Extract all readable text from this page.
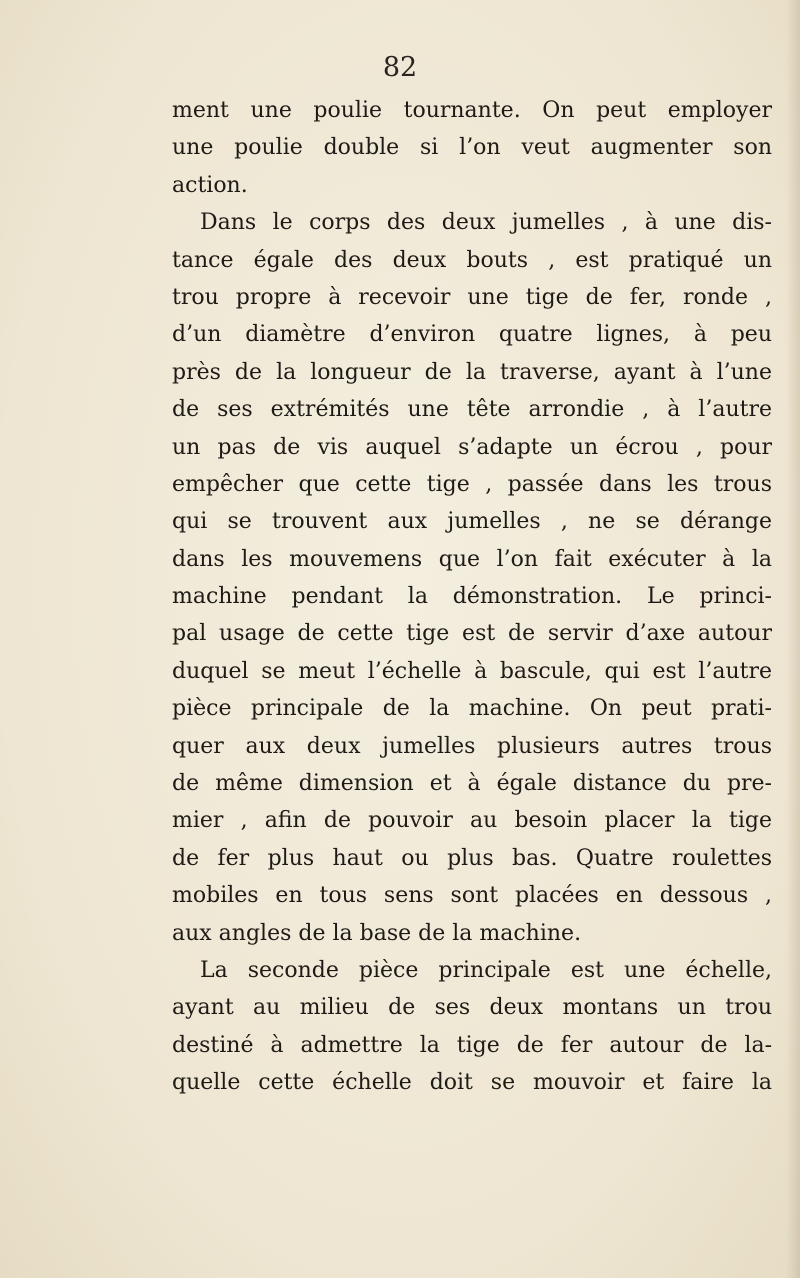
82
ment une poulie tournante. On peut employer
une poulie double si l’on veut augmenter son
action.
Dans le corps des deux jumelles , à une dis-
tance égale des deux bouts , est pratiqué un
trou propre à recevoir une tige de fer, ronde ,
d’un diamètre d’environ quatre lignes, à peu
près de la longueur de la traverse, ayant à l’une
de ses extrémités une tête arrondie , à l’autre
un pas de vis auquel s’adapte un écrou , pour
empêcher que cette tige , passée dans les trous
qui se trouvent aux jumelles , ne se dérange
dans les mouvemens que l’on fait exécuter à la
machine pendant la démonstration. Le princi-
pal usage de cette tige est de servir d’axe autour
duquel se meut l’échelle à bascule, qui est l’autre
pièce principale de la machine. On peut prati-
quer aux deux jumelles plusieurs autres trous
de même dimension et à égale distance du pre-
mier , afin de pouvoir au besoin placer la tige
de fer plus haut ou plus bas. Quatre roulettes
mobiles en tous sens sont placées en dessous ,
aux angles de la base de la machine.
La seconde pièce principale est une échelle,
ayant au milieu de ses deux montans un trou
destiné à admettre la tige de fer autour de la-
quelle cette échelle doit se mouvoir et faire la
